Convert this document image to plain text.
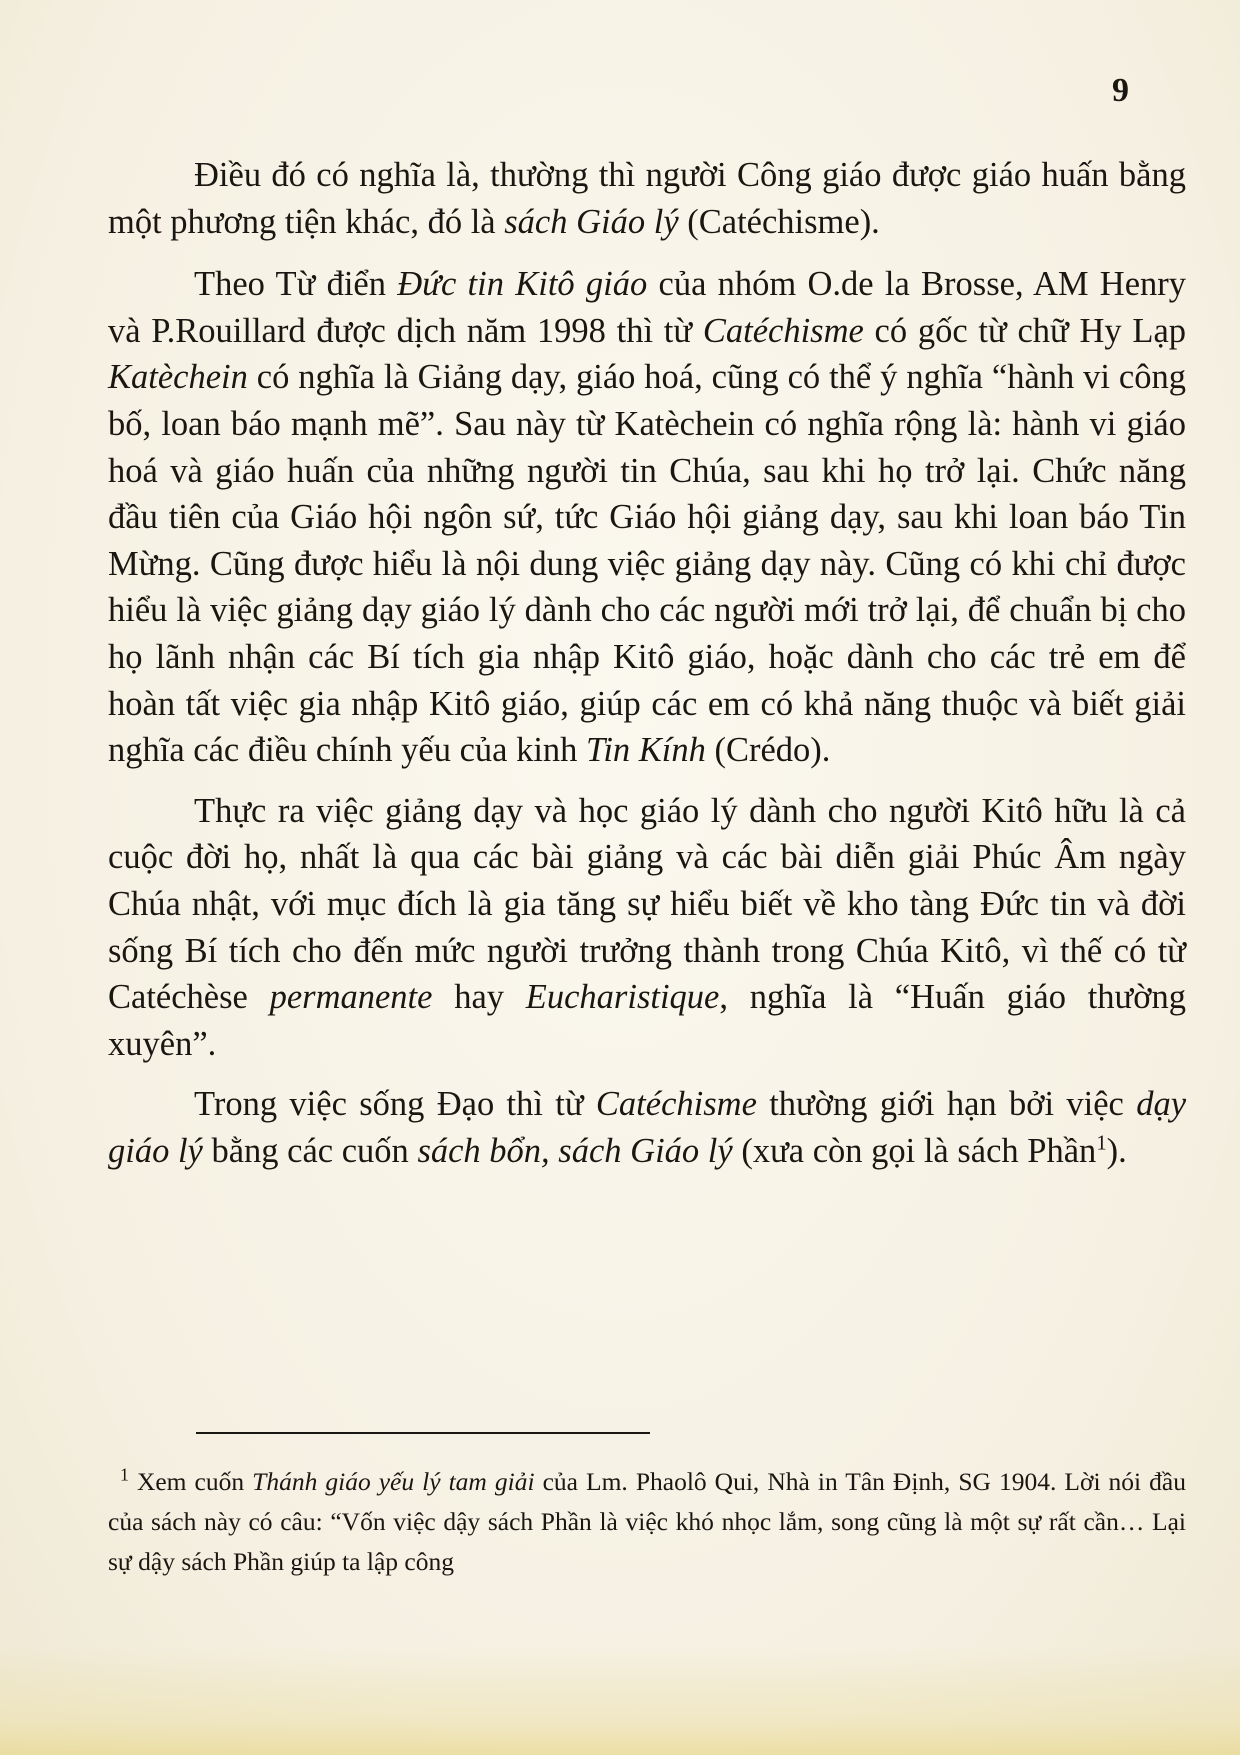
9

Điều đó có nghĩa là, thường thì người Công giáo được giáo huấn bằng một phương tiện khác, đó là sách Giáo lý (Catéchisme).

Theo Từ điển Đức tin Kitô giáo của nhóm O.de la Brosse, AM Henry và P.Rouillard được dịch năm 1998 thì từ Catéchisme có gốc từ chữ Hy Lạp Katèchein có nghĩa là Giảng dạy, giáo hoá, cũng có thể ý nghĩa “hành vi công bố, loan báo mạnh mẽ”. Sau này từ Katèchein có nghĩa rộng là: hành vi giáo hoá và giáo huấn của những người tin Chúa, sau khi họ trở lại. Chức năng đầu tiên của Giáo hội ngôn sứ, tức Giáo hội giảng dạy, sau khi loan báo Tin Mừng. Cũng được hiểu là nội dung việc giảng dạy này. Cũng có khi chỉ được hiểu là việc giảng dạy giáo lý dành cho các người mới trở lại, để chuẩn bị cho họ lãnh nhận các Bí tích gia nhập Kitô giáo, hoặc dành cho các trẻ em để hoàn tất việc gia nhập Kitô giáo, giúp các em có khả năng thuộc và biết giải nghĩa các điều chính yếu của kinh Tin Kính (Crédo).

Thực ra việc giảng dạy và học giáo lý dành cho người Kitô hữu là cả cuộc đời họ, nhất là qua các bài giảng và các bài diễn giải Phúc Âm ngày Chúa nhật, với mục đích là gia tăng sự hiểu biết về kho tàng Đức tin và đời sống Bí tích cho đến mức người trưởng thành trong Chúa Kitô, vì thế có từ Catéchèse permanente hay Eucharistique, nghĩa là “Huấn giáo thường xuyên”.

Trong việc sống Đạo thì từ Catéchisme thường giới hạn bởi việc dạy giáo lý bằng các cuốn sách bổn, sách Giáo lý (xưa còn gọi là sách Phần$^1$).

$^1$ Xem cuốn Thánh giáo yếu lý tam giải của Lm. Phaolô Qui, Nhà in Tân Định, SG 1904. Lời nói đầu của sách này có câu: “Vốn việc dậy sách Phần là việc khó nhọc lắm, song cũng là một sự rất cần… Lại sự dậy sách Phần giúp ta lập công
